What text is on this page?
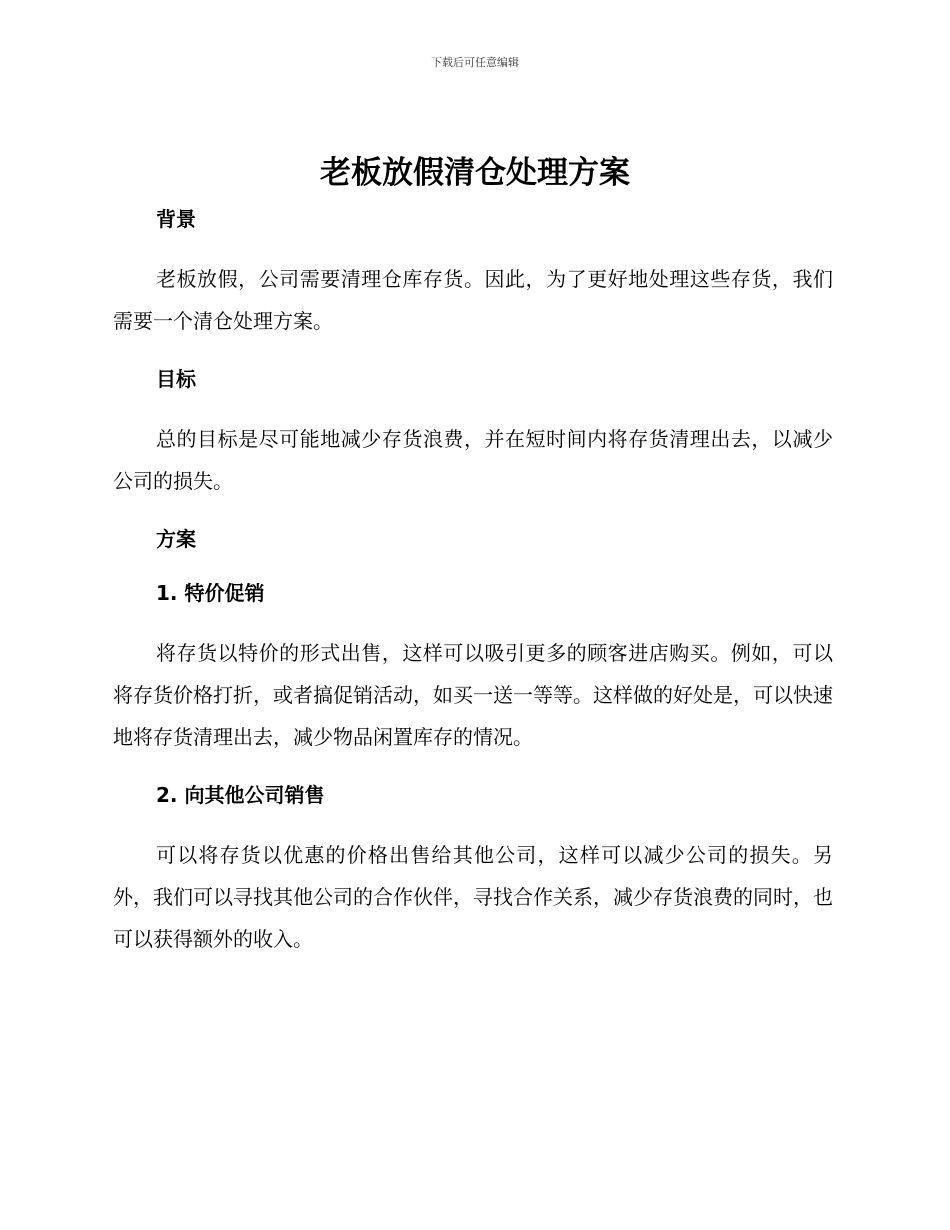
下载后可任意编辑
老板放假清仓处理方案
背景

老板放假，公司需要清理仓库存货。因此，为了更好地处理这些存货，我们需要一个清仓处理方案。

目标

总的目标是尽可能地减少存货浪费，并在短时间内将存货清理出去，以减少公司的损失。

方案
1. 特价促销

将存货以特价的形式出售，这样可以吸引更多的顾客进店购买。例如，可以将存货价格打折，或者搞促销活动，如买一送一等等。这样做的好处是，可以快速地将存货清理出去，减少物品闲置库存的情况。

2. 向其他公司销售

可以将存货以优惠的价格出售给其他公司，这样可以减少公司的损失。另外，我们可以寻找其他公司的合作伙伴，寻找合作关系，减少存货浪费的同时，也可以获得额外的收入。
